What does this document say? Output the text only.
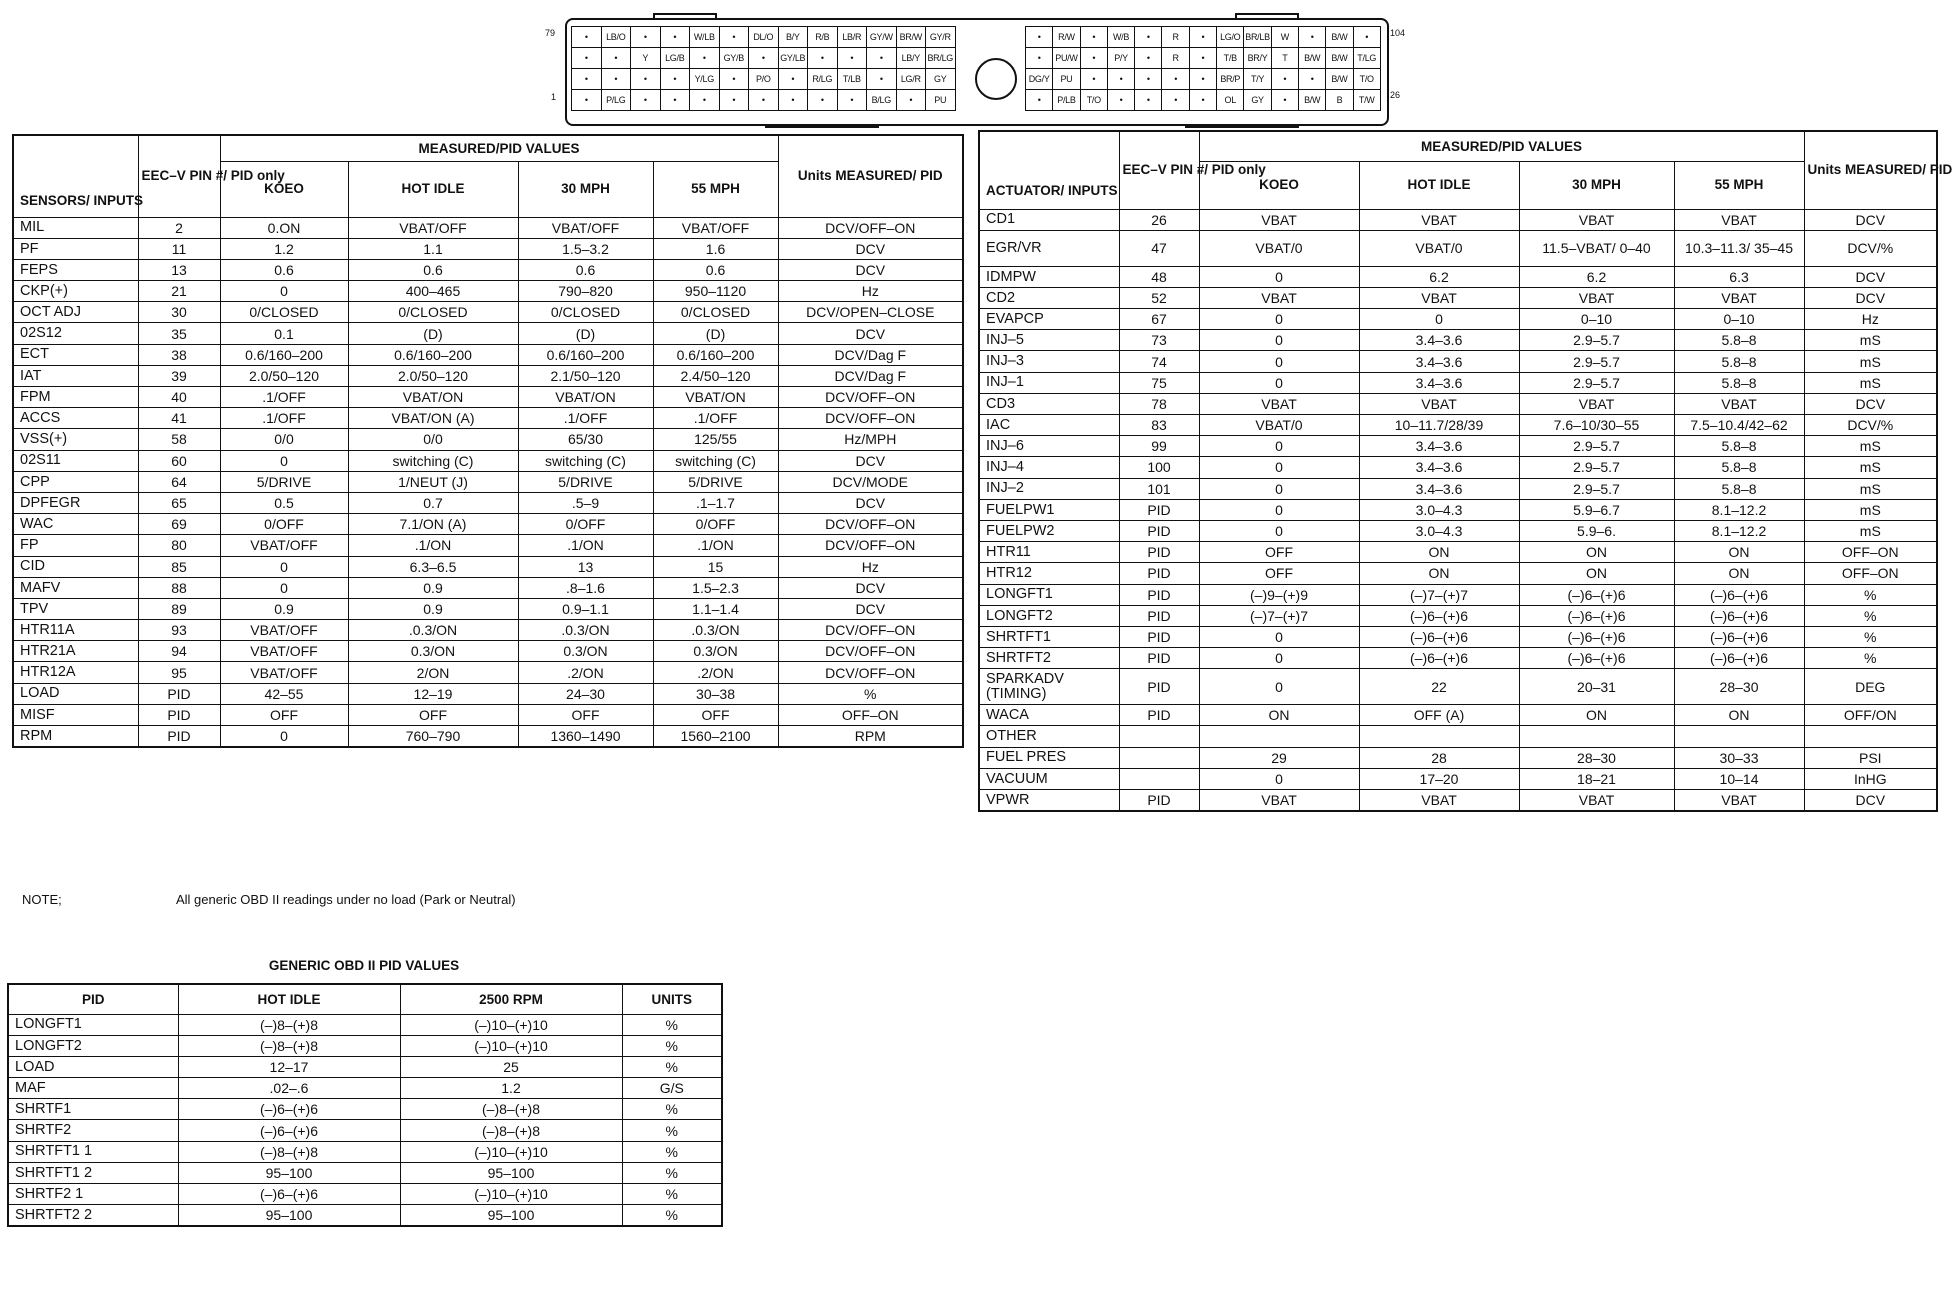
•	LB/O	•	•	W/LB	•	DL/O	B/Y	R/B	LB/R GY/W BR/W GY/R
•	•	Y	LG/B	•	GY/B	•	GY/LB	•	•	•	LB/Y BR/LG
•	•	•	•	Y/LG	•	P/O	•	R/LG	T/LB	•	LG/R	GY
•	P/LG	•	•	•	•	•	•	•	•	B/LG	•	PU
•	R/W	•	W/B	•	R	•	LG/O BR/LB	W	•	B/W	•
•	PU/W	•	P/Y	•	R	•	T/B	BR/Y	T	B/W	B/W	T/LG
DG/Y	PU	•	•	•	•	•	BR/P	T/Y	•	•	B/W	T/O
•	P/LB	T/O	•	•	•	•	OL	GY	•	B/W	B	T/W
79
1
104
26
SENSORS/ INPUTS	EEC–V PIN #/ PID only	MEASURED/PID VALUES				Units MEASURED/ PID
		KOEO	HOT IDLE	30 MPH	55 MPH	
MIL	2	0.ON	VBAT/OFF	VBAT/OFF	VBAT/OFF	DCV/OFF–ON
PF	11	1.2	1.1	1.5–3.2	1.6	DCV
FEPS	13	0.6	0.6	0.6	0.6	DCV
CKP(+)	21	0	400–465	790–820	950–1120	Hz
OCT ADJ	30	0/CLOSED	0/CLOSED	0/CLOSED	0/CLOSED	DCV/OPEN–CLOSE
02S12	35	0.1	(D)	(D)	(D)	DCV
ECT	38	0.6/160–200	0.6/160–200	0.6/160–200	0.6/160–200	DCV/Dag F
IAT	39	2.0/50–120	2.0/50–120	2.1/50–120	2.4/50–120	DCV/Dag F
FPM	40	.1/OFF	VBAT/ON	VBAT/ON	VBAT/ON	DCV/OFF–ON
ACCS	41	.1/OFF	VBAT/ON (A)	.1/OFF	.1/OFF	DCV/OFF–ON
VSS(+)	58	0/0	0/0	65/30	125/55	Hz/MPH
02S11	60	0	switching (C)	switching (C)	switching (C)	DCV
CPP	64	5/DRIVE	1/NEUT (J)	5/DRIVE	5/DRIVE	DCV/MODE
DPFEGR	65	0.5	0.7	.5–9	.1–1.7	DCV
WAC	69	0/OFF	7.1/ON (A)	0/OFF	0/OFF	DCV/OFF–ON
FP	80	VBAT/OFF	.1/ON	.1/ON	.1/ON	DCV/OFF–ON
CID	85	0	6.3–6.5	13	15	Hz
MAFV	88	0	0.9	.8–1.6	1.5–2.3	DCV
TPV	89	0.9	0.9	0.9–1.1	1.1–1.4	DCV
HTR11A	93	VBAT/OFF	.0.3/ON	.0.3/ON	.0.3/ON	DCV/OFF–ON
HTR21A	94	VBAT/OFF	0.3/ON	0.3/ON	0.3/ON	DCV/OFF–ON
HTR12A	95	VBAT/OFF	2/ON	.2/ON	.2/ON	DCV/OFF–ON
LOAD	PID	42–55	12–19	24–30	30–38	%
MISF	PID	OFF	OFF	OFF	OFF	OFF–ON
RPM	PID	0	760–790	1360–1490	1560–2100	RPM
NOTE;	All generic OBD II readings under no load (Park or Neutral)
ACTUATOR/ INPUTS	EEC–V PIN #/ PID only	MEASURED/PID VALUES				Units MEASURED/ PID
		KOEO	HOT IDLE	30 MPH	55 MPH	
CD1	26	VBAT	VBAT	VBAT	VBAT	DCV
EGR/VR	47	VBAT/0	VBAT/0	11.5–VBAT/ 0–40	10.3–11.3/ 35–45	DCV/%
IDMPW	48	0	6.2	6.2	6.3	DCV
CD2	52	VBAT	VBAT	VBAT	VBAT	DCV
EVAPCP	67	0	0	0–10	0–10	Hz
INJ–5	73	0	3.4–3.6	2.9–5.7	5.8–8	mS
INJ–3	74	0	3.4–3.6	2.9–5.7	5.8–8	mS
INJ–1	75	0	3.4–3.6	2.9–5.7	5.8–8	mS
CD3	78	VBAT	VBAT	VBAT	VBAT	DCV
IAC	83	VBAT/0	10–11.7/28/39	7.6–10/30–55	7.5–10.4/42–62	DCV/%
INJ–6	99	0	3.4–3.6	2.9–5.7	5.8–8	mS
INJ–4	100	0	3.4–3.6	2.9–5.7	5.8–8	mS
INJ–2	101	0	3.4–3.6	2.9–5.7	5.8–8	mS
FUELPW1	PID	0	3.0–4.3	5.9–6.7	8.1–12.2	mS
FUELPW2	PID	0	3.0–4.3	5.9–6.	8.1–12.2	mS
HTR11	PID	OFF	ON	ON	ON	OFF–ON
HTR12	PID	OFF	ON	ON	ON	OFF–ON
LONGFT1	PID	(–)9–(+)9	(–)7–(+)7	(–)6–(+)6	(–)6–(+)6	%
LONGFT2	PID	(–)7–(+)7	(–)6–(+)6	(–)6–(+)6	(–)6–(+)6	%
SHRTFT1	PID	0	(–)6–(+)6	(–)6–(+)6	(–)6–(+)6	%
SHRTFT2	PID	0	(–)6–(+)6	(–)6–(+)6	(–)6–(+)6	%
SPARKADV (TIMING)	PID	0	22	20–31	28–30	DEG
WACA	PID	ON	OFF (A)	ON	ON	OFF/ON
OTHER						
FUEL PRES		29	28	28–30	30–33	PSI
VACUUM		0	17–20	18–21	10–14	InHG
VPWR	PID	VBAT	VBAT	VBAT	VBAT	DCV
GENERIC OBD II PID VALUES
PID	HOT IDLE	2500 RPM	UNITS
LONGFT1	(–)8–(+)8	(–)10–(+)10	%
LONGFT2	(–)8–(+)8	(–)10–(+)10	%
LOAD	12–17	25	%
MAF	.02–.6	1.2	G/S
SHRTF1	(–)6–(+)6	(–)8–(+)8	%
SHRTF2	(–)6–(+)6	(–)8–(+)8	%
SHRTFT1 1	(–)8–(+)8	(–)10–(+)10	%
SHRTFT1 2	95–100	95–100	%
SHRTF2 1	(–)6–(+)6	(–)10–(+)10	%
SHRTFT2 2	95–100	95–100	%
